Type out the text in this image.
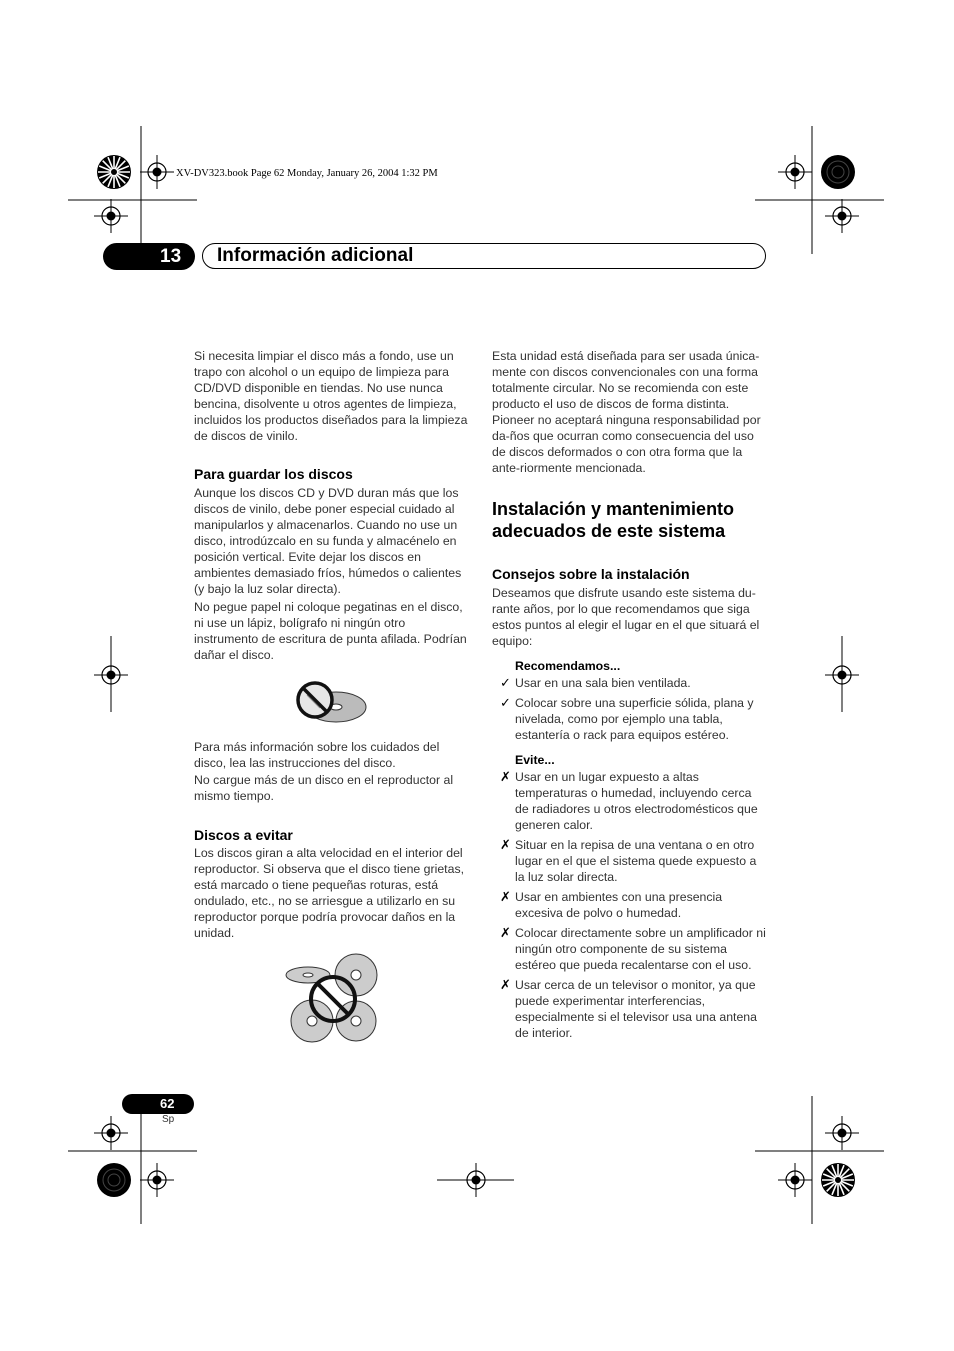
XV-DV323.book Page 62 Monday, January 26, 2004 1:32 PM
13 Información adicional

Si necesita limpiar el disco más a fondo, use un trapo con alcohol o un equipo de limpieza para CD/DVD disponible en tiendas. No use nunca bencina, disolvente u otros agentes de limpieza, incluidos los productos diseñados para la limpieza de discos de vinilo.

Para guardar los discos

Aunque los discos CD y DVD duran más que los discos de vinilo, debe poner especial cuidado al manipularlos y almacenarlos. Cuando no use un disco, introdúzcalo en su funda y almacénelo en posición vertical. Evite dejar los discos en ambientes demasiado fríos, húmedos o calientes (y bajo la luz solar directa).

No pegue papel ni coloque pegatinas en el disco, ni use un lápiz, bolígrafo ni ningún otro instrumento de escritura de punta afilada. Podrían dañar el disco.

Para más información sobre los cuidados del disco, lea las instrucciones del disco.

No cargue más de un disco en el reproductor al mismo tiempo.

Discos a evitar

Los discos giran a alta velocidad en el interior del reproductor. Si observa que el disco tiene grietas, está marcado o tiene pequeñas roturas, está ondulado, etc., no se arriesgue a utilizarlo en su reproductor porque podría provocar daños en la unidad.

Esta unidad está diseñada para ser usada única-mente con discos convencionales con una forma totalmente circular. No se recomienda con este producto el uso de discos de forma distinta. Pioneer no aceptará ninguna responsabilidad por da-ños que ocurran como consecuencia del uso de discos deformados o con otra forma que la ante-riormente mencionada.

Instalación y mantenimiento adecuados de este sistema
Consejos sobre la instalación

Deseamos que disfrute usando este sistema du-rante años, por lo que recomendamos que siga estos puntos al elegir el lugar en el que situará el equipo:

Recomendamos...
✓ Usar en una sala bien ventilada.
✓ Colocar sobre una superficie sólida, plana y nivelada, como por ejemplo una tabla, estantería o rack para equipos estéreo.
Evite...
✗ Usar en un lugar expuesto a altas temperaturas o humedad, incluyendo cerca de radiadores u otros electrodomésticos que generen calor.
✗ Situar en la repisa de una ventana o en otro lugar en el que el sistema quede expuesto a la luz solar directa.
✗ Usar en ambientes con una presencia excesiva de polvo o humedad.
✗ Colocar directamente sobre un amplificador ni ningún otro componente de su sistema estéreo que pueda recalentarse con el uso.
✗ Usar cerca de un televisor o monitor, ya que puede experimentar interferencias, especialmente si el televisor usa una antena de interior.
62
Sp
